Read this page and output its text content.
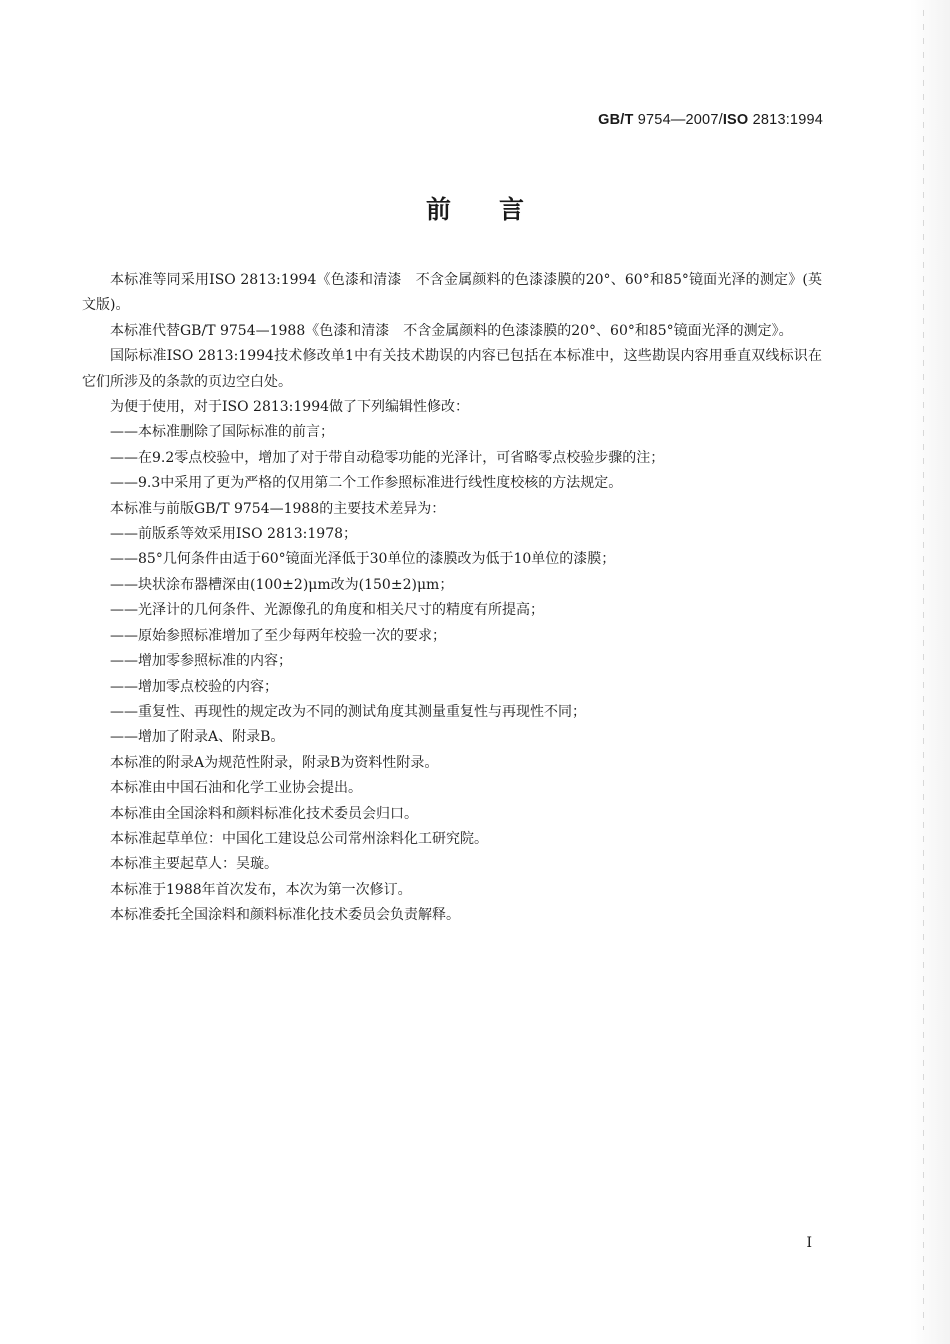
GB/T 9754—2007/ISO 2813:1994
前言

本标准等同采用ISO 2813:1994《色漆和清漆　不含金属颜料的色漆漆膜的20°、60°和85°镜面光泽的测定》(英文版)。

本标准代替GB/T 9754—1988《色漆和清漆　不含金属颜料的色漆漆膜的20°、60°和85°镜面光泽的测定》。

国际标准ISO 2813:1994技术修改单1中有关技术勘误的内容已包括在本标准中，这些勘误内容用垂直双线标识在它们所涉及的条款的页边空白处。

为便于使用，对于ISO 2813:1994做了下列编辑性修改：

——本标准删除了国际标准的前言；

——在9.2零点校验中，增加了对于带自动稳零功能的光泽计，可省略零点校验步骤的注；

——9.3中采用了更为严格的仅用第二个工作参照标准进行线性度校核的方法规定。

本标准与前版GB/T 9754—1988的主要技术差异为：

——前版系等效采用ISO 2813:1978；

——85°几何条件由适于60°镜面光泽低于30单位的漆膜改为低于10单位的漆膜；

——块状涂布器槽深由(100±2)μm改为(150±2)μm；

——光泽计的几何条件、光源像孔的角度和相关尺寸的精度有所提高；

——原始参照标准增加了至少每两年校验一次的要求；

——增加零参照标准的内容；

——增加零点校验的内容；

——重复性、再现性的规定改为不同的测试角度其测量重复性与再现性不同；

——增加了附录A、附录B。

本标准的附录A为规范性附录，附录B为资料性附录。

本标准由中国石油和化学工业协会提出。

本标准由全国涂料和颜料标准化技术委员会归口。

本标准起草单位：中国化工建设总公司常州涂料化工研究院。

本标准主要起草人：吴璇。

本标准于1988年首次发布，本次为第一次修订。

本标准委托全国涂料和颜料标准化技术委员会负责解释。

I
